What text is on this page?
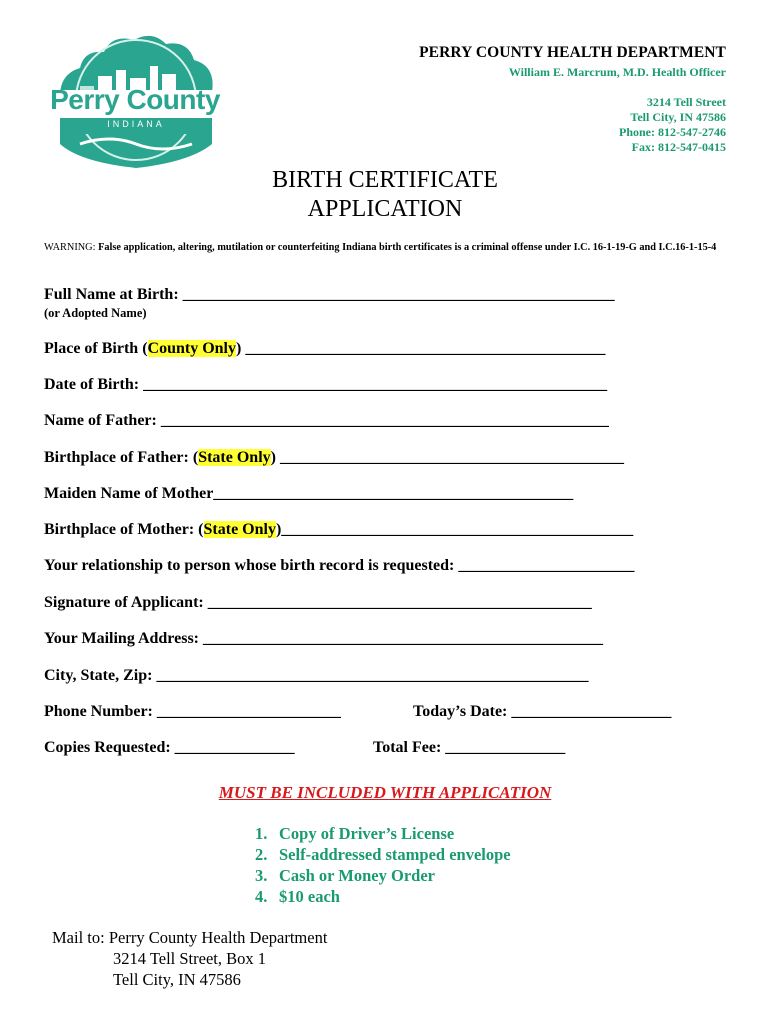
Perry County
INDIANA
PERRY COUNTY HEALTH DEPARTMENT
William E. Marcrum, M.D. Health Officer
3214 Tell Street
Tell City, IN 47586
Phone: 812-547-2746
Fax: 812-547-0415
BIRTH CERTIFICATE
APPLICATION
WARNING: False application, altering, mutilation or counterfeiting Indiana birth certificates is a criminal offense under I.C. 16-1-19-G and I.C.16-1-15-4
Full Name at Birth: ______________________________________________________
(or Adopted Name)
Place of Birth (County Only) _____________________________________________
Date of Birth: __________________________________________________________
Name of Father: ________________________________________________________
Birthplace of Father: (State Only) ___________________________________________
Maiden Name of Mother_____________________________________________
Birthplace of Mother: (State Only)____________________________________________
Your relationship to person whose birth record is requested: ______________________
Signature of Applicant: ________________________________________________
Your Mailing Address: __________________________________________________
City, State, Zip: ______________________________________________________
Phone Number: _______________________	Today’s Date: ____________________
Copies Requested: _______________	Total Fee: _______________
MUST BE INCLUDED WITH APPLICATION
1. Copy of Driver’s License
2. Self-addressed stamped envelope
3. Cash or Money Order
4. $10 each
Mail to: Perry County Health Department
3214 Tell Street, Box 1
Tell City, IN 47586
